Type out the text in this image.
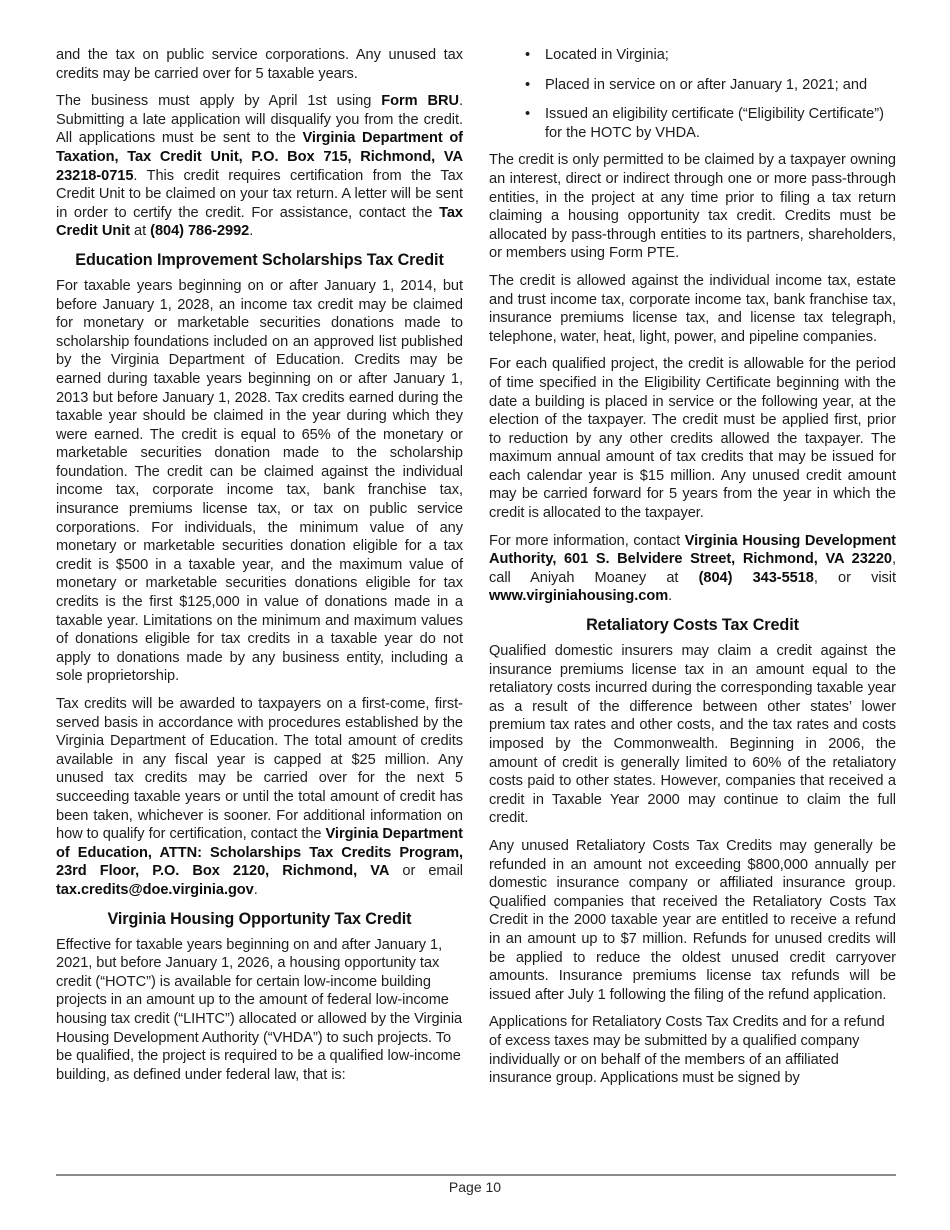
and the tax on public service corporations. Any unused tax credits may be carried over for 5 taxable years.

The business must apply by April 1st using Form BRU. Submitting a late application will disqualify you from the credit. All applications must be sent to the Virginia Department of Taxation, Tax Credit Unit, P.O. Box 715, Richmond, VA 23218-0715. This credit requires certification from the Tax Credit Unit to be claimed on your tax return. A letter will be sent in order to certify the credit. For assistance, contact the Tax Credit Unit at (804) 786-2992.

Education Improvement Scholarships Tax Credit

For taxable years beginning on or after January 1, 2014, but before January 1, 2028, an income tax credit may be claimed for monetary or marketable securities donations made to scholarship foundations included on an approved list published by the Virginia Department of Education. Credits may be earned during taxable years beginning on or after January 1, 2013 but before January 1, 2028. Tax credits earned during the taxable year should be claimed in the year during which they were earned. The credit is equal to 65% of the monetary or marketable securities donation made to the scholarship foundation. The credit can be claimed against the individual income tax, corporate income tax, bank franchise tax, insurance premiums license tax, or tax on public service corporations. For individuals, the minimum value of any monetary or marketable securities donation eligible for a tax credit is $500 in a taxable year, and the maximum value of monetary or marketable securities donations eligible for tax credits is the first $125,000 in value of donations made in a taxable year. Limitations on the minimum and maximum values of donations eligible for tax credits in a taxable year do not apply to donations made by any business entity, including a sole proprietorship.

Tax credits will be awarded to taxpayers on a first-come, first-served basis in accordance with procedures established by the Virginia Department of Education. The total amount of credits available in any fiscal year is capped at $25 million. Any unused tax credits may be carried over for the next 5 succeeding taxable years or until the total amount of credit has been taken, whichever is sooner. For additional information on how to qualify for certification, contact the Virginia Department of Education, ATTN: Scholarships Tax Credits Program, 23rd Floor, P.O. Box 2120, Richmond, VA or email tax.credits@doe.virginia.gov.

Virginia Housing Opportunity Tax Credit

Effective for taxable years beginning on and after January 1, 2021, but before January 1, 2026, a housing opportunity tax credit (“HOTC”) is available for certain low-income building projects in an amount up to the amount of federal low-income housing tax credit (“LIHTC”) allocated or allowed by the Virginia Housing Development Authority (“VHDA”) to such projects. To be qualified, the project is required to be a qualified low-income building, as defined under federal law, that is:

• Located in Virginia;
• Placed in service on or after January 1, 2021; and
• Issued an eligibility certificate (“Eligibility Certificate”) for the HOTC by VHDA.

The credit is only permitted to be claimed by a taxpayer owning an interest, direct or indirect through one or more pass-through entities, in the project at any time prior to filing a tax return claiming a housing opportunity tax credit. Credits must be allocated by pass-through entities to its partners, shareholders, or members using Form PTE.

The credit is allowed against the individual income tax, estate and trust income tax, corporate income tax, bank franchise tax, insurance premiums license tax, and license tax telegraph, telephone, water, heat, light, power, and pipeline companies.

For each qualified project, the credit is allowable for the period of time specified in the Eligibility Certificate beginning with the date a building is placed in service or the following year, at the election of the taxpayer. The credit must be applied first, prior to reduction by any other credits allowed the taxpayer. The maximum annual amount of tax credits that may be issued for each calendar year is $15 million. Any unused credit amount may be carried forward for 5 years from the year in which the credit is allocated to the taxpayer.

For more information, contact Virginia Housing Development Authority, 601 S. Belvidere Street, Richmond, VA 23220, call Aniyah Moaney at (804) 343-5518, or visit www.virginiahousing.com.

Retaliatory Costs Tax Credit

Qualified domestic insurers may claim a credit against the insurance premiums license tax in an amount equal to the retaliatory costs incurred during the corresponding taxable year as a result of the difference between other states’ lower premium tax rates and other costs, and the tax rates and costs imposed by the Commonwealth. Beginning in 2006, the amount of credit is generally limited to 60% of the retaliatory costs paid to other states. However, companies that received a credit in Taxable Year 2000 may continue to claim the full credit.

Any unused Retaliatory Costs Tax Credits may generally be refunded in an amount not exceeding $800,000 annually per domestic insurance company or affiliated insurance group. Qualified companies that received the Retaliatory Costs Tax Credit in the 2000 taxable year are entitled to receive a refund in an amount up to $7 million. Refunds for unused credits will be applied to reduce the oldest unused credit carryover amounts. Insurance premiums license tax refunds will be issued after July 1 following the filing of the refund application.

Applications for Retaliatory Costs Tax Credits and for a refund of excess taxes may be submitted by a qualified company individually or on behalf of the members of an affiliated insurance group. Applications must be signed by

Page 10
